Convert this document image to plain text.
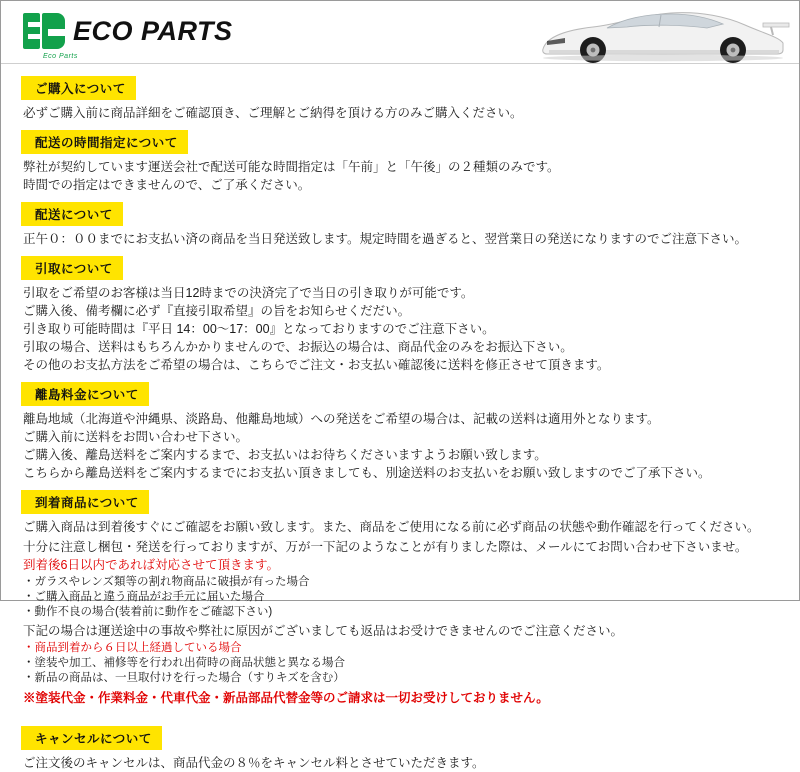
ECO PARTS
Eco Parts
ご購入について

必ずご購入前に商品詳細をご確認頂き、ご理解とご納得を頂ける方のみご購入ください。

配送の時間指定について

弊社が契約しています運送会社で配送可能な時間指定は「午前」と「午後」の２種類のみです。

時間での指定はできませんので、ご了承ください。

配送について

正午０：００までにお支払い済の商品を当日発送致します。規定時間を過ぎると、翌営業日の発送になりますのでご注意下さい。

引取について

引取をご希望のお客様は当日12時までの決済完了で当日の引き取りが可能です。

ご購入後、備考欄に必ず『直接引取希望』の旨をお知らせくだだい。

引き取り可能時間は『平日 14：00～17：00』となっておりますのでご注意下さい。

引取の場合、送料はもちろんかかりませんので、お振込の場合は、商品代金のみをお振込下さい。

その他のお支払方法をご希望の場合は、こちらでご注文・お支払い確認後に送料を修正させて頂きます。

離島料金について

離島地域（北海道や沖縄県、淡路島、他離島地域）への発送をご希望の場合は、記載の送料は適用外となります。

ご購入前に送料をお問い合わせ下さい。

ご購入後、離島送料をご案内するまで、お支払いはお待ちくださいますようお願い致します。

こちらから離島送料をご案内するまでにお支払い頂きましても、別途送料のお支払いをお願い致しますのでご了承下さい。

到着商品について

ご購入商品は到着後すぐにご確認をお願い致します。また、商品をご使用になる前に必ず商品の状態や動作確認を行ってください。

十分に注意し梱包・発送を行っておりますが、万が一下記のようなことが有りました際は、メールにてお問い合わせ下さいませ。

到着後6日以内であれば対応させて頂きます。

・ガラスやレンズ類等の割れ物商品に破損が有った場合

・ご購入商品と違う商品がお手元に届いた場合

・動作不良の場合(装着前に動作をご確認下さい)

下記の場合は運送途中の事故や弊社に原因がございましても返品はお受けできませんのでご注意ください。

・商品到着から６日以上経過している場合

・塗装や加工、補修等を行われ出荷時の商品状態と異なる場合

・新品の商品は、一旦取付けを行った場合（すりキズを含む）

※塗装代金・作業料金・代車代金・新品部品代替金等のご請求は一切お受けしておりません。

キャンセルについて

ご注文後のキャンセルは、商品代金の８％をキャンセル料とさせていただきます。
